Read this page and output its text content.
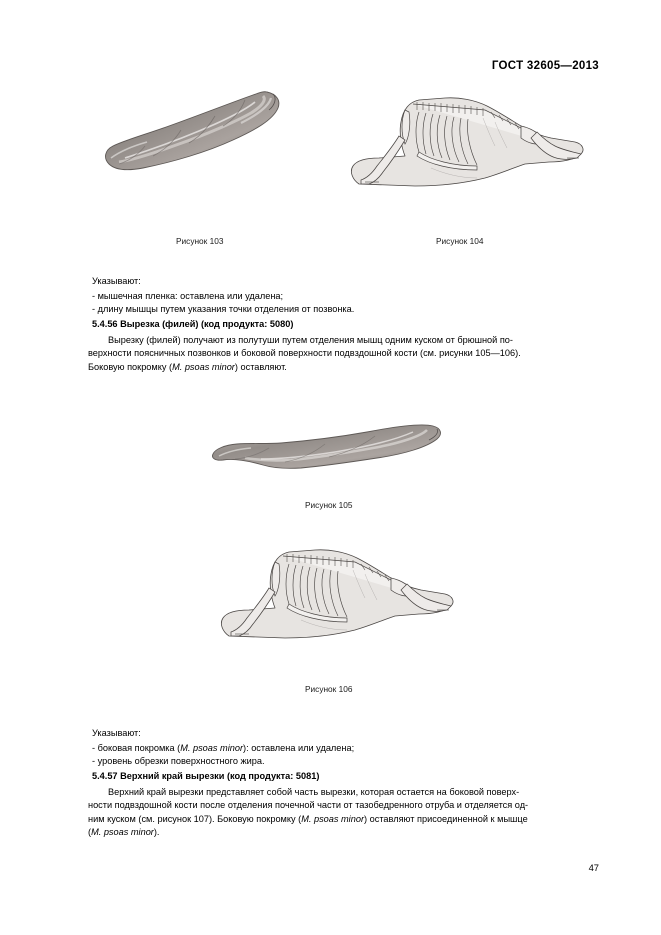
ГОСТ 32605—2013
Рисунок 103	Рисунок 104
Указывают:
- мышечная пленка: оставлена или удалена;
- длину мышцы путем указания точки отделения от позвонка.
5.4.56 Вырезка (филей) (код продукта: 5080)
Вырезку (филей) получают из полутуши путем отделения мышц одним куском от брюшной по-
верхности поясничных позвонков и боковой поверхности подвздошной кости (см. рисунки 105—106).
Боковую покромку (M. psoas minor) оставляют.
Рисунок 105
Рисунок 106
Указывают:
- боковая покромка (M. psoas minor): оставлена или удалена;
- уровень обрезки поверхностного жира.
5.4.57 Верхний край вырезки (код продукта: 5081)
Верхний край вырезки представляет собой часть вырезки, которая остается на боковой поверх-
ности подвздошной кости после отделения почечной части от тазобедренного отруба и отделяется од-
ним куском (см. рисунок 107). Боковую покромку (M. psoas minor) оставляют присоединенной к мышце
(M. psoas minor).
47
